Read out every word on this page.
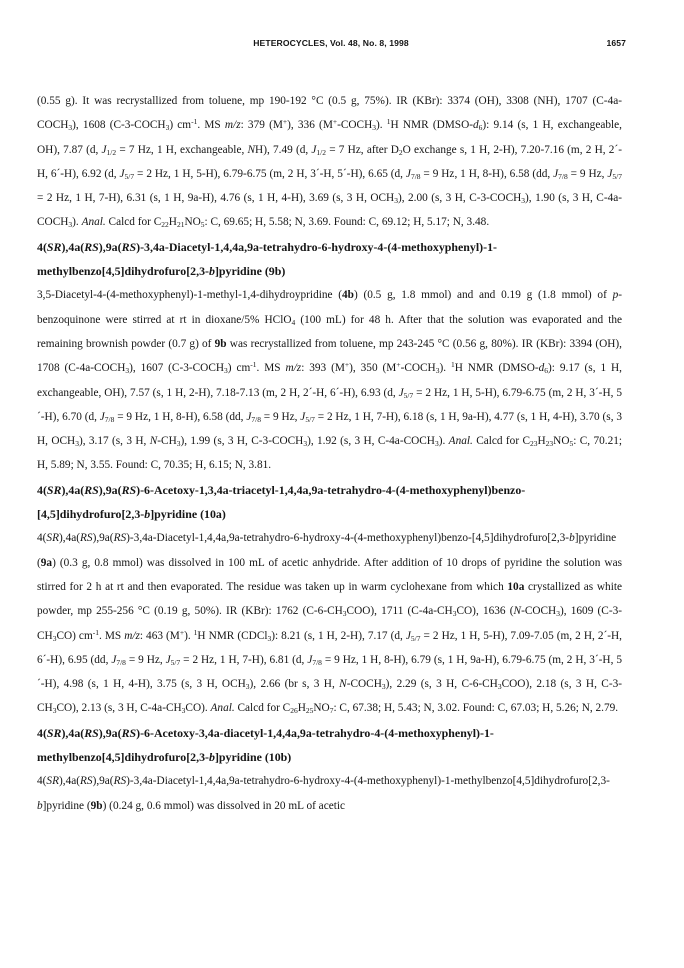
HETEROCYCLES, Vol. 48, No. 8, 1998	1657

(0.55 g). It was recrystallized from toluene, mp 190-192 °C (0.5 g, 75%). IR (KBr): 3374 (OH), 3308 (NH), 1707 $(C-4a-COCH_3)$, 1608 $(C-3-COCH_3)$ $cm^{-1}$. MS m/z: 379 (M+), 336 $(M^+-COCH_3)$. $^1$H NMR $(DMSO-d_6)$: 9.14 (s, 1 H, exchangeable, OH), 7.87 (d, $J_{1/2} = 7$ Hz, 1 H, exchangeable, NH), 7.49 (d, $J_{1/2} = 7$ Hz, after $D_2O$ exchange s, 1 H, 2-H), 7.20-7.16 (m, 2 H, 2´-H, 6´-H), 6.92 (d, $J_{5/7} = 2$ Hz, 1 H, 5-H), 6.79-6.75 (m, 2 H, 3´-H, 5´-H), 6.65 (d, $J_{7/8} = 9$ Hz, 1 H, 8-H), 6.58 (dd, $J_{7/8} = 9$ Hz, $J_{5/7} = 2$ Hz, 1 H, 7-H), 6.31 (s, 1 H, 9a-H), 4.76 (s, 1 H, 4-H), 3.69 (s, 3 H, $OCH_3$), 2.00 (s, 3 H, $C-3-COCH_3$), 1.90 (s, 3 H, $C-4a-COCH_3$). Anal. Calcd for $C_{22}H_{21}NO_5$: C, 69.65; H, 5.58; N, 3.69. Found: C, 69.12; H, 5.17; N, 3.48.

4(SR),4a(RS),9a(RS)-3,4a-Diacetyl-1,4,4a,9a-tetrahydro-6-hydroxy-4-(4-methoxyphenyl)-1-methylbenzo[4,5]dihydrofuro[2,3-b]pyridine (9b)

3,5-Diacetyl-4-(4-methoxyphenyl)-1-methyl-1,4-dihydroypridine (4b) (0.5 g, 1.8 mmol) and and 0.19 g (1.8 mmol) of p-benzoquinone were stirred at rt in dioxane/5% HClO$_4$ (100 mL) for 48 h. After that the solution was evaporated and the remaining brownish powder (0.7 g) of 9b was recrystallized from toluene, mp 243-245 °C (0.56 g, 80%). IR (KBr): 3394 (OH), 1708 $(C-4a-COCH_3)$, 1607 $(C-3-COCH_3)$ $cm^{-1}$. MS m/z: 393 (M+), 350 $(M^+-COCH_3)$. $^1$H NMR $(DMSO-d_6)$: 9.17 (s, 1 H, exchangeable, OH), 7.57 (s, 1 H, 2-H), 7.18-7.13 (m, 2 H, 2´-H, 6´-H), 6.93 (d, $J_{5/7} = 2$ Hz, 1 H, 5-H), 6.79-6.75 (m, 2 H, 3´-H, 5´-H), 6.70 (d, $J_{7/8} = 9$ Hz, 1 H, 8-H), 6.58 (dd, $J_{7/8} = 9$ Hz, $J_{5/7} = 2$ Hz, 1 H, 7-H), 6.18 (s, 1 H, 9a-H), 4.77 (s, 1 H, 4-H), 3.70 (s, 3 H, $OCH_3$), 3.17 (s, 3 H, $N-CH_3$), 1.99 (s, 3 H, $C-3-COCH_3$), 1.92 (s, 3 H, $C-4a-COCH_3$). Anal. Calcd for $C_{23}H_{23}NO_5$: C, 70.21; H, 5.89; N, 3.55. Found: C, 70.35; H, 6.15; N, 3.81.

4(SR),4a(RS),9a(RS)-6-Acetoxy-1,3,4a-triacetyl-1,4,4a,9a-tetrahydro-4-(4-methoxyphenyl)benzo-[4,5]dihydrofuro[2,3-b]pyridine (10a)

4(SR),4a(RS),9a(RS)-3,4a-Diacetyl-1,4,4a,9a-tetrahydro-6-hydroxy-4-(4-methoxyphenyl)benzo-[4,5]dihydrofuro[2,3-b]pyridine (9a) (0.3 g, 0.8 mmol) was dissolved in 100 mL of acetic anhydride. After addition of 10 drops of pyridine the solution was stirred for 2 h at rt and then evaporated. The residue was taken up in warm cyclohexane from which 10a crystallized as white powder, mp 255-256 °C (0.19 g, 50%). IR (KBr): 1762 $(C-6-CH_3COO)$, 1711 $(C-4a-CH_3CO)$, 1636 $(N-COCH_3)$, 1609 $(C-3-CH_3CO)$ $cm^{-1}$. MS m/z: 463 (M+). $^1$H NMR (CDCl$_3$): 8.21 (s, 1 H, 2-H), 7.17 (d, $J_{5/7} = 2$ Hz, 1 H, 5-H), 7.09-7.05 (m, 2 H, 2´-H, 6´-H), 6.95 (dd, $J_{7/8} = 9$ Hz, $J_{5/7} = 2$ Hz, 1 H, 7-H), 6.81 (d, $J_{7/8} = 9$ Hz, 1 H, 8-H), 6.79 (s, 1 H, 9a-H), 6.79-6.75 (m, 2 H, 3´-H, 5´-H), 4.98 (s, 1 H, 4-H), 3.75 (s, 3 H, $OCH_3$), 2.66 (br s, 3 H, $N-COCH_3$), 2.29 (s, 3 H, $C-6-CH_3COO$), 2.18 (s, 3 H, $C-3-CH_3CO$), 2.13 (s, 3 H, $C-4a-CH_3CO$). Anal. Calcd for $C_{26}H_{25}NO_7$: C, 67.38; H, 5.43; N, 3.02. Found: C, 67.03; H, 5.26; N, 2.79.

4(SR),4a(RS),9a(RS)-6-Acetoxy-3,4a-diacetyl-1,4,4a,9a-tetrahydro-4-(4-methoxyphenyl)-1-methylbenzo[4,5]dihydrofuro[2,3-b]pyridine (10b)

4(SR),4a(RS),9a(RS)-3,4a-Diacetyl-1,4,4a,9a-tetrahydro-6-hydroxy-4-(4-methoxyphenyl)-1-methylbenzo[4,5]dihydrofuro[2,3-b]pyridine (9b) (0.24 g, 0.6 mmol) was dissolved in 20 mL of acetic
